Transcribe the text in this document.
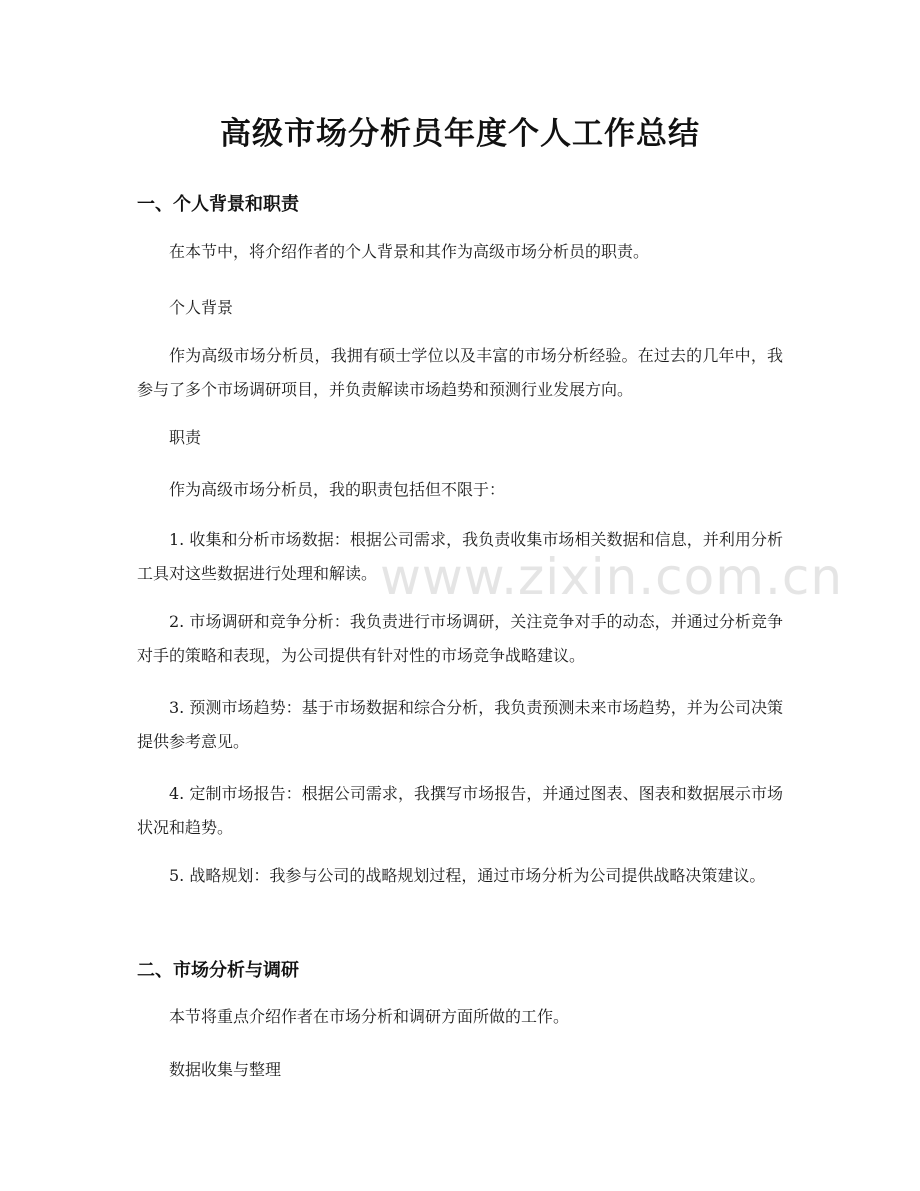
高级市场分析员年度个人工作总结
一、个人背景和职责
在本节中，将介绍作者的个人背景和其作为高级市场分析员的职责。
个人背景
作为高级市场分析员，我拥有硕士学位以及丰富的市场分析经验。在过去的几年中，我参与了多个市场调研项目，并负责解读市场趋势和预测行业发展方向。
职责
作为高级市场分析员，我的职责包括但不限于：
1. 收集和分析市场数据：根据公司需求，我负责收集市场相关数据和信息，并利用分析工具对这些数据进行处理和解读。
2. 市场调研和竞争分析：我负责进行市场调研，关注竞争对手的动态，并通过分析竞争对手的策略和表现，为公司提供有针对性的市场竞争战略建议。
3. 预测市场趋势：基于市场数据和综合分析，我负责预测未来市场趋势，并为公司决策提供参考意见。
4. 定制市场报告：根据公司需求，我撰写市场报告，并通过图表、图表和数据展示市场状况和趋势。
5. 战略规划：我参与公司的战略规划过程，通过市场分析为公司提供战略决策建议。
二、市场分析与调研
本节将重点介绍作者在市场分析和调研方面所做的工作。
数据收集与整理
www.zixin.com.cn
